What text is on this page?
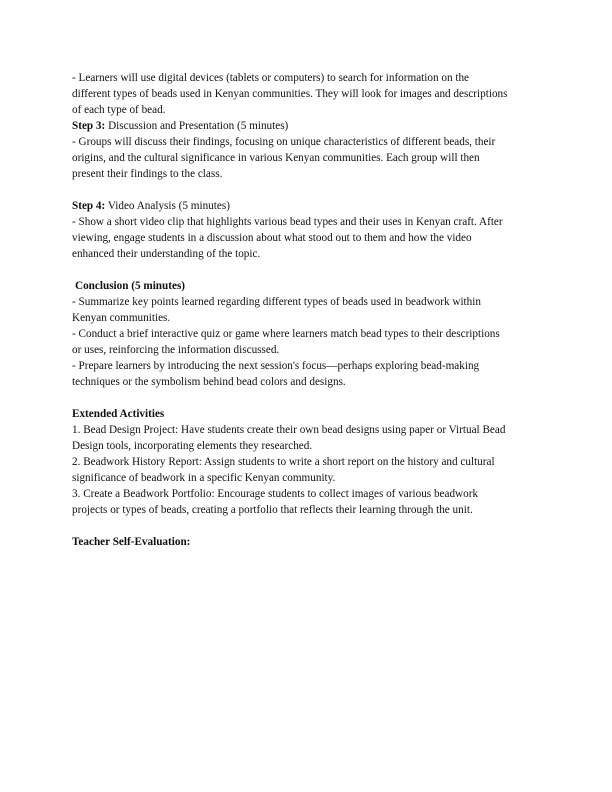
- Learners will use digital devices (tablets or computers) to search for information on the
different types of beads used in Kenyan communities. They will look for images and descriptions
of each type of bead.
Step 3: Discussion and Presentation (5 minutes)
- Groups will discuss their findings, focusing on unique characteristics of different beads, their
origins, and the cultural significance in various Kenyan communities. Each group will then
present their findings to the class.
Step 4: Video Analysis (5 minutes)
- Show a short video clip that highlights various bead types and their uses in Kenyan craft. After
viewing, engage students in a discussion about what stood out to them and how the video
enhanced their understanding of the topic.
Conclusion (5 minutes)
- Summarize key points learned regarding different types of beads used in beadwork within
Kenyan communities.
- Conduct a brief interactive quiz or game where learners match bead types to their descriptions
or uses, reinforcing the information discussed.
- Prepare learners by introducing the next session's focus—perhaps exploring bead-making
techniques or the symbolism behind bead colors and designs.
Extended Activities
1. Bead Design Project: Have students create their own bead designs using paper or Virtual Bead
Design tools, incorporating elements they researched.
2. Beadwork History Report: Assign students to write a short report on the history and cultural
significance of beadwork in a specific Kenyan community.
3. Create a Beadwork Portfolio: Encourage students to collect images of various beadwork
projects or types of beads, creating a portfolio that reflects their learning through the unit.
Teacher Self-Evaluation:
